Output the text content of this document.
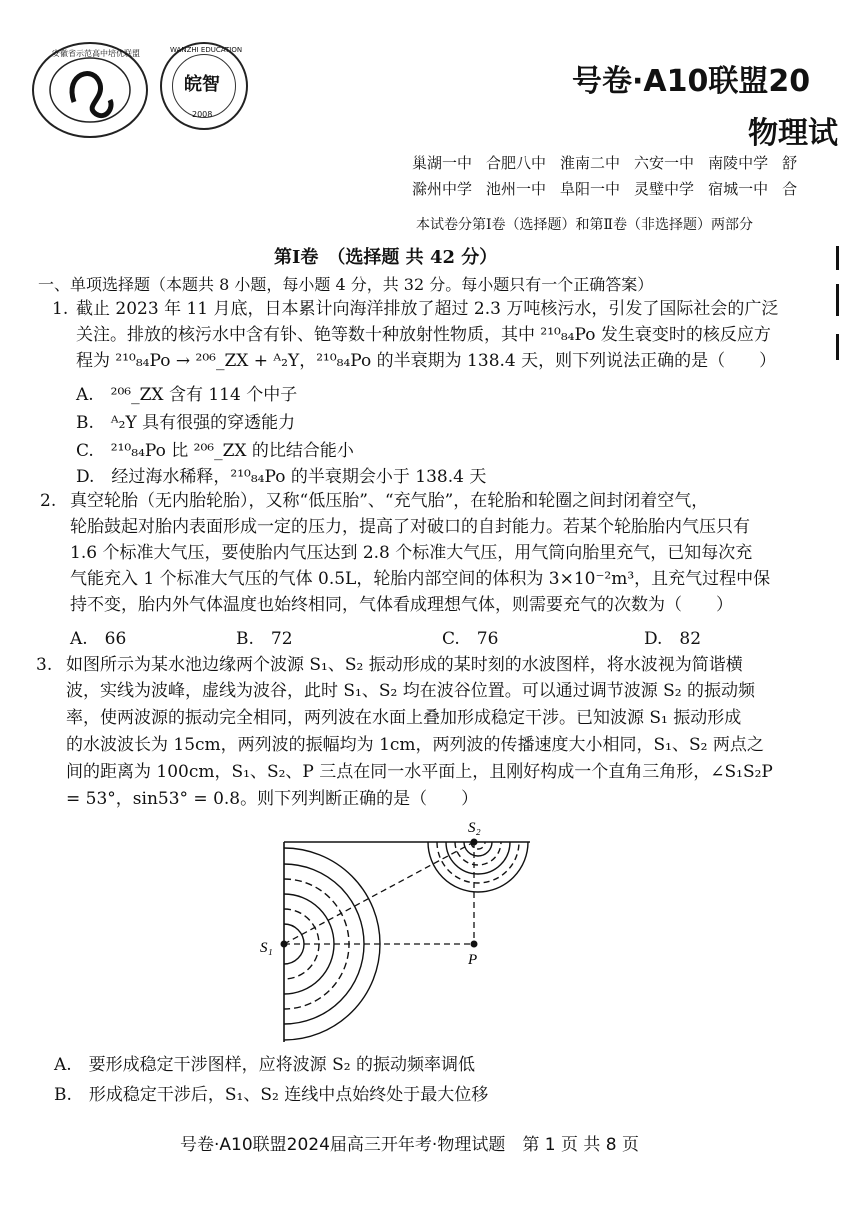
安徽省示范高中培优联盟	WANZHI EDUCATION
皖智
2008
号卷·A10联盟20
物理试
巢湖一中 合肥八中 淮南二中 六安一中 南陵中学 舒
滁州中学 池州一中 阜阳一中 灵璧中学 宿城一中 合
本试卷分第Ⅰ卷（选择题）和第Ⅱ卷（非选择题）两部分
第Ⅰ卷　（选择题 共 42 分）
一、单项选择题（本题共 8 小题，每小题 4 分，共 32 分。每小题只有一个正确答案）
1. 截止 2023 年 11 月底，日本累计向海洋排放了超过 2.3 万吨核污水，引发了国际社会的广泛
关注。排放的核污水中含有钋、铯等数十种放射性物质，其中 ²¹⁰₈₄Po 发生衰变时的核反应方
程为 ²¹⁰₈₄Po → ²⁰⁶_ZX + ᴬ₂Y，²¹⁰₈₄Po 的半衰期为 138.4 天，则下列说法正确的是（　　）
A.　²⁰⁶_ZX 含有 114 个中子
B.　ᴬ₂Y 具有很强的穿透能力
C.　²¹⁰₈₄Po 比 ²⁰⁶_ZX 的比结合能小
D.　经过海水稀释，²¹⁰₈₄Po 的半衰期会小于 138.4 天
2. 真空轮胎（无内胎轮胎），又称“低压胎”、“充气胎”，在轮胎和轮圈之间封闭着空气，
轮胎鼓起对胎内表面形成一定的压力，提高了对破口的自封能力。若某个轮胎胎内气压只有
1.6 个标准大气压，要使胎内气压达到 2.8 个标准大气压，用气筒向胎里充气，已知每次充
气能充入 1 个标准大气压的气体 0.5L，轮胎内部空间的体积为 3×10⁻²m³，且充气过程中保
持不变，胎内外气体温度也始终相同，气体看成理想气体，则需要充气的次数为（　　）
A.　66	B.　72	C.　76	D.　82
3. 如图所示为某水池边缘两个波源 S₁、S₂ 振动形成的某时刻的水波图样，将水波视为简谐横
波，实线为波峰，虚线为波谷，此时 S₁、S₂ 均在波谷位置。可以通过调节波源 S₂ 的振动频
率，使两波源的振动完全相同，两列波在水面上叠加形成稳定干涉。已知波源 S₁ 振动形成
的水波波长为 15cm，两列波的振幅均为 1cm，两列波的传播速度大小相同，S₁、S₂ 两点之
间的距离为 100cm，S₁、S₂、P 三点在同一水平面上，且刚好构成一个直角三角形，∠S₁S₂P
= 53°，sin53° = 0.8。则下列判断正确的是（　　）
S₁
S₂
P
A.　要形成稳定干涉图样，应将波源 S₂ 的振动频率调低
B.　形成稳定干涉后，S₁、S₂ 连线中点始终处于最大位移
号卷·A10联盟2024届高三开年考·物理试题　第 1 页 共 8 页
